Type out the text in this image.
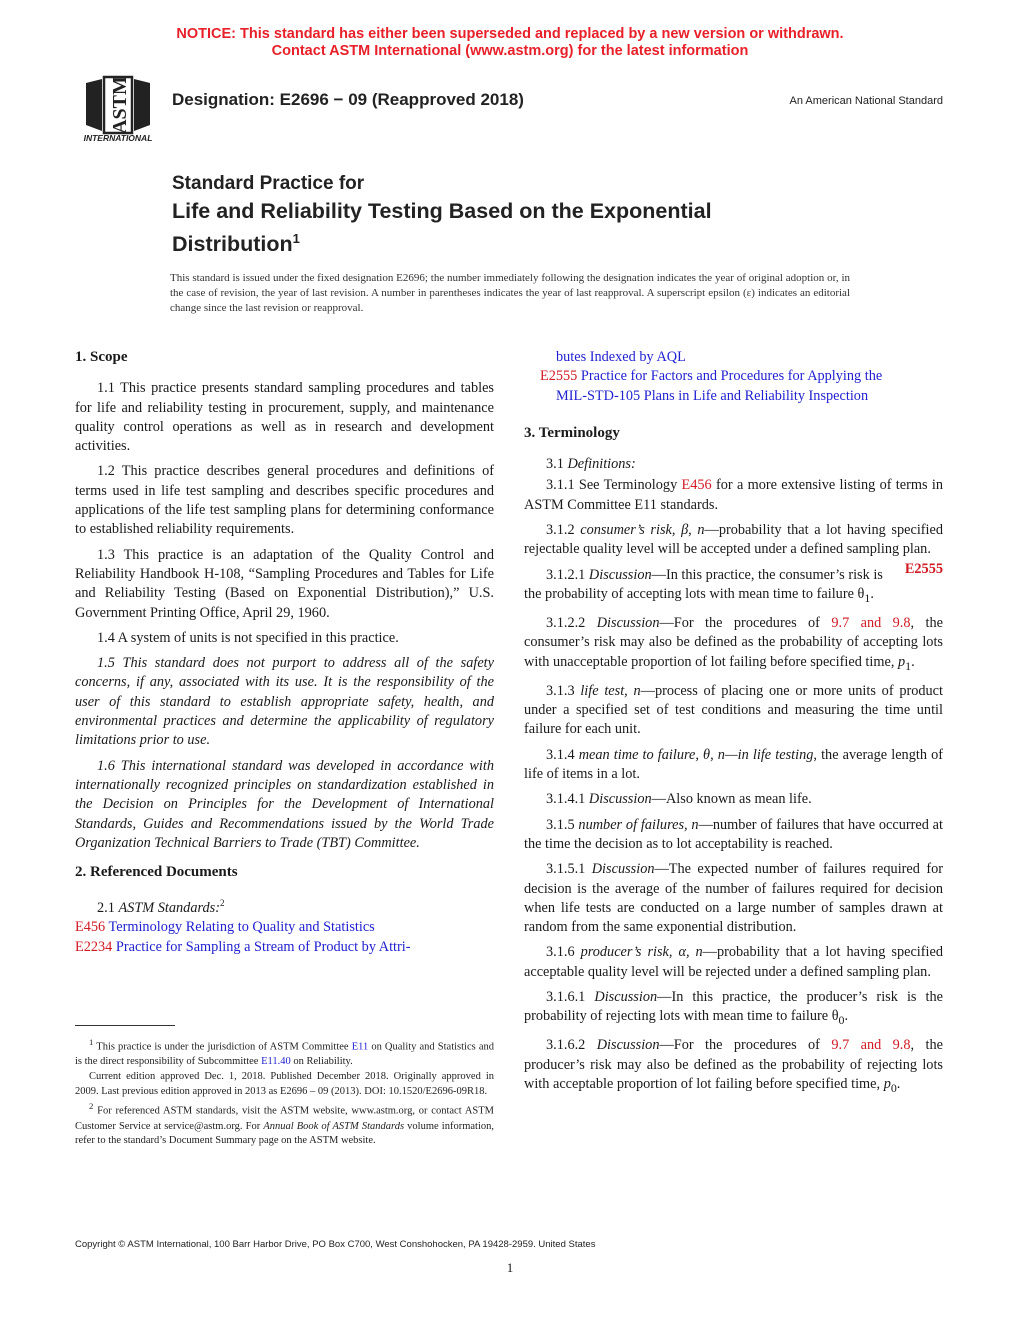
NOTICE: This standard has either been superseded and replaced by a new version or withdrawn.
Contact ASTM International (www.astm.org) for the latest information
ASTM
INTERNATIONAL
Designation: E2696 − 09 (Reapproved 2018)	An American National Standard
Standard Practice for
Life and Reliability Testing Based on the Exponential
Distribution$^1$
This standard is issued under the fixed designation E2696; the number immediately following the designation indicates the year of original adoption or, in the case of revision, the year of last revision. A number in parentheses indicates the year of last reapproval. A superscript epsilon (ε) indicates an editorial change since the last revision or reapproval.

1. Scope

1.1 This practice presents standard sampling procedures and tables for life and reliability testing in procurement, supply, and maintenance quality control operations as well as in research and development activities.

1.2 This practice describes general procedures and definitions of terms used in life test sampling and describes specific procedures and applications of the life test sampling plans for determining conformance to established reliability requirements.

1.3 This practice is an adaptation of the Quality Control and Reliability Handbook H-108, “Sampling Procedures and Tables for Life and Reliability Testing (Based on Exponential Distribution),” U.S. Government Printing Office, April 29, 1960.

1.4 A system of units is not specified in this practice.

1.5 This standard does not purport to address all of the safety concerns, if any, associated with its use. It is the responsibility of the user of this standard to establish appropriate safety, health, and environmental practices and determine the applicability of regulatory limitations prior to use.

1.6 This international standard was developed in accordance with internationally recognized principles on standardization established in the Decision on Principles for the Development of International Standards, Guides and Recommendations issued by the World Trade Organization Technical Barriers to Trade (TBT) Committee.

2. Referenced Documents

2.1 ASTM Standards:$^2$

E456 Terminology Relating to Quality and Statistics

E2234 Practice for Sampling a Stream of Product by Attri-

$^1$ This practice is under the jurisdiction of ASTM Committee E11 on Quality and Statistics and is the direct responsibility of Subcommittee E11.40 on Reliability.

Current edition approved Dec. 1, 2018. Published December 2018. Originally approved in 2009. Last previous edition approved in 2013 as E2696 – 09 (2013). DOI: 10.1520/E2696-09R18.

$^2$ For referenced ASTM standards, visit the ASTM website, www.astm.org, or contact ASTM Customer Service at service@astm.org. For Annual Book of ASTM Standards volume information, refer to the standard’s Document Summary page on the ASTM website.

butes Indexed by AQL

E2555 Practice for Factors and Procedures for Applying the

MIL-STD-105 Plans in Life and Reliability Inspection

3. Terminology

3.1 Definitions:

3.1.1 See Terminology E456 for a more extensive listing of terms in ASTM Committee E11 standards.

3.1.2 consumer’s risk, β, n—probability that a lot having specified rejectable quality level will be accepted under a defined sampling plan.
E2555

3.1.2.1 Discussion—In this practice, the consumer’s risk is the probability of accepting lots with mean time to failure $\theta_1$.

3.1.2.2 Discussion—For the procedures of 9.7 and 9.8, the consumer’s risk may also be defined as the probability of accepting lots with unacceptable proportion of lot failing before specified time, $p_1$.

3.1.3 life test, n—process of placing one or more units of product under a specified set of test conditions and measuring the time until failure for each unit.

3.1.4 mean time to failure, θ, n—in life testing, the average length of life of items in a lot.

3.1.4.1 Discussion—Also known as mean life.

3.1.5 number of failures, n—number of failures that have occurred at the time the decision as to lot acceptability is reached.

3.1.5.1 Discussion—The expected number of failures required for decision is the average of the number of failures required for decision when life tests are conducted on a large number of samples drawn at random from the same exponential distribution.

3.1.6 producer’s risk, α, n—probability that a lot having specified acceptable quality level will be rejected under a defined sampling plan.

3.1.6.1 Discussion—In this practice, the producer’s risk is the probability of rejecting lots with mean time to failure $\theta_0$.

3.1.6.2 Discussion—For the procedures of 9.7 and 9.8, the producer’s risk may also be defined as the probability of rejecting lots with acceptable proportion of lot failing before specified time, $p_0$.

Copyright © ASTM International, 100 Barr Harbor Drive, PO Box C700, West Conshohocken, PA 19428-2959. United States
1
